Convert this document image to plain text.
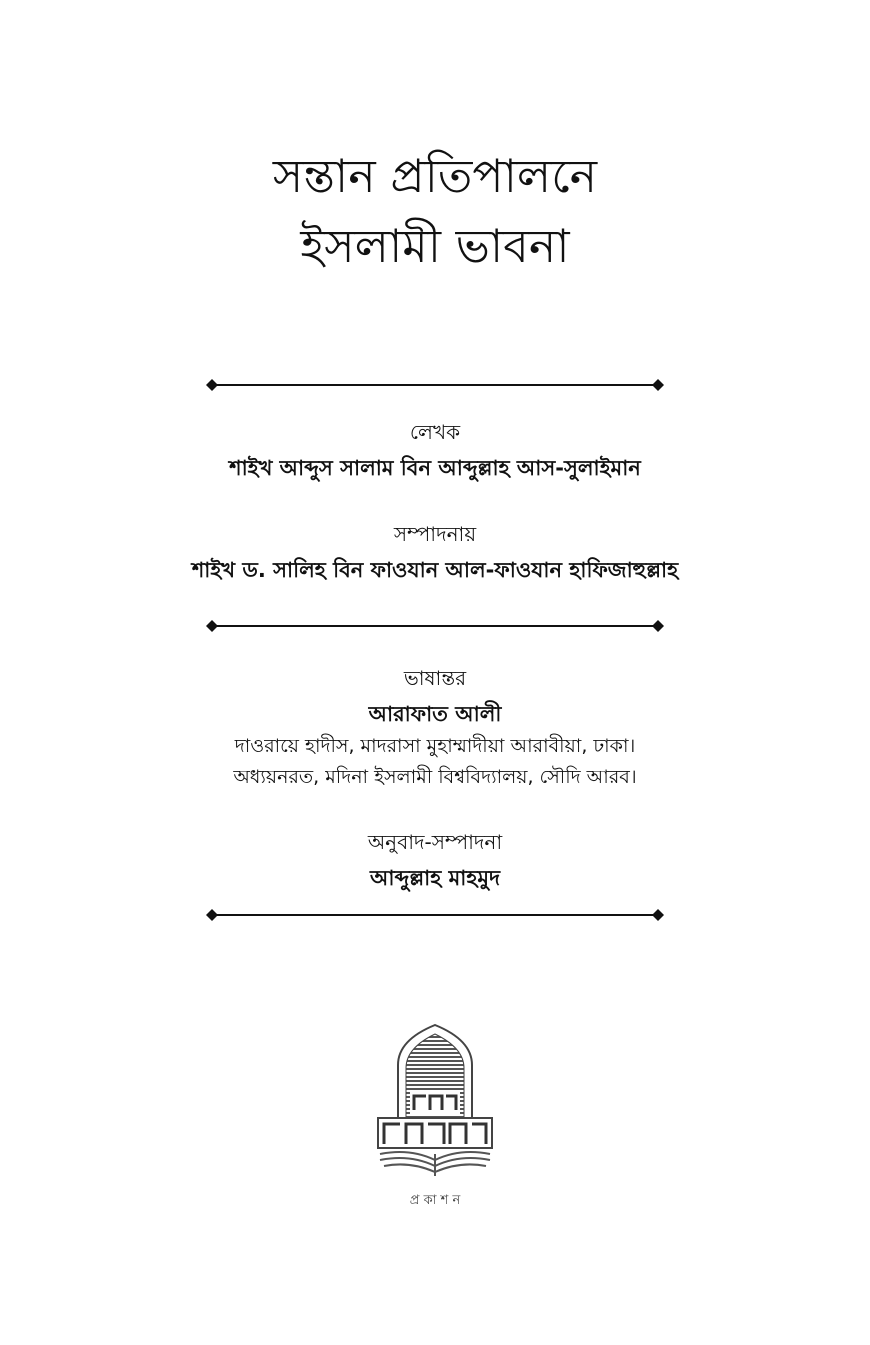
সন্তান প্রতিপালনে
ইসলামী ভাবনা
লেখক
শাইখ আব্দুস সালাম বিন আব্দুল্লাহ আস-সুলাইমান
সম্পাদনায়
শাইখ ড. সালিহ বিন ফাওযান আল-ফাওযান হাফিজাহুল্লাহ
ভাষান্তর
আরাফাত আলী
দাওরায়ে হাদীস, মাদরাসা মুহাম্মাদীয়া আরাবীয়া, ঢাকা।
অধ্যয়নরত, মদিনা ইসলামী বিশ্ববিদ্যালয়, সৌদি আরব।
অনুবাদ-সম্পাদনা
আব্দুল্লাহ মাহমুদ
প্র কা শ ন
